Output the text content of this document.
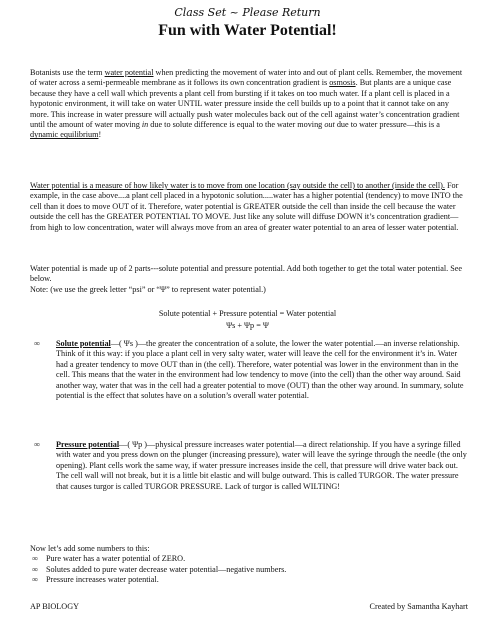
Class Set ~ Please Return
Fun with Water Potential!

Botanists use the term water potential when predicting the movement of water into and out of plant cells. Remember, the movement of water across a semi-permeable membrane as it follows its own concentration gradient is osmosis. But plants are a unique case because they have a cell wall which prevents a plant cell from bursting if it takes on too much water. If a plant cell is placed in a hypotonic environment, it will take on water UNTIL water pressure inside the cell builds up to a point that it cannot take on any more. This increase in water pressure will actually push water molecules back out of the cell against water’s concentration gradient until the amount of water moving in due to solute difference is equal to the water moving out due to water pressure—this is a dynamic equilibrium!

Water potential is a measure of how likely water is to move from one location (say outside the cell) to another (inside the cell). For example, in the case above....a plant cell placed in a hypotonic solution.....water has a higher potential (tendency) to move INTO the cell than it does to move OUT of it. Therefore, water potential is GREATER outside the cell than inside the cell because the water outside the cell has the GREATER POTENTIAL TO MOVE. Just like any solute will diffuse DOWN it’s concentration gradient—from high to low concentration, water will always move from an area of greater water potential to an area of lesser water potential.

Water potential is made up of 2 parts---solute potential and pressure potential. Add both together to get the total water potential. See below.

Note: (we use the greek letter “psi” or “Ψ” to represent water potential.)

Solute potential + Pressure potential = Water potential
Ψs + Ψp = Ψ
∞	Solute potential—( Ψs )—the greater the concentration of a solute, the lower the water potential.—an inverse relationship. Think of it this way: if you place a plant cell in very salty water, water will leave the cell for the environment it’s in. Water had a greater tendency to move OUT than in (the cell). Therefore, water potential was lower in the environment than in the cell. This means that the water in the environment had low tendency to move (into the cell) than the other way around. Said another way, water that was in the cell had a greater potential to move (OUT) than the other way around. In summary, solute potential is the effect that solutes have on a solution’s overall water potential.
∞	Pressure potential—( Ψp )—physical pressure increases water potential—a direct relationship. If you have a syringe filled with water and you press down on the plunger (increasing pressure), water will leave the syringe through the needle (the only opening). Plant cells work the same way, if water pressure increases inside the cell, that pressure will drive water back out. The cell wall will not break, but it is a little bit elastic and will bulge outward. This is called TURGOR. The water pressure that causes turgor is called TURGOR PRESSURE. Lack of turgor is called WILTING!
Now let’s add some numbers to this:
∞ Pure water has a water potential of ZERO.
∞ Solutes added to pure water decrease water potential—negative numbers.
∞ Pressure increases water potential.
AP BIOLOGY	Created by Samantha Kayhart
